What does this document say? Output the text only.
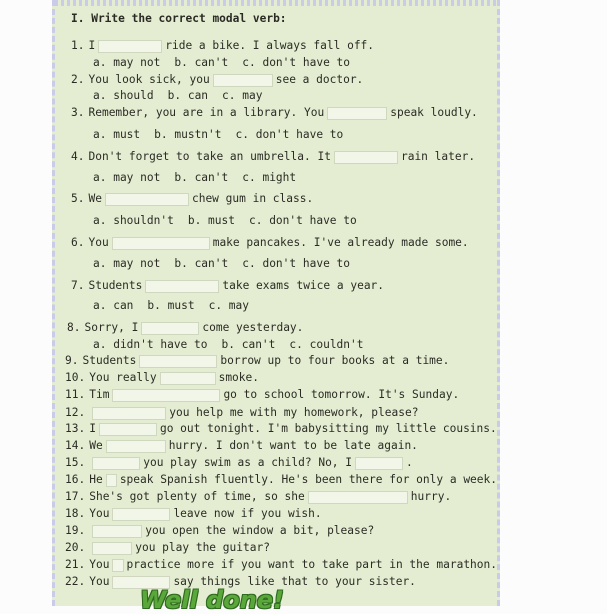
I. Write the correct modal verb:
1. I	ride a bike. I always fall off.
a. may not b. can't c. don't have to
2. You look sick, you	see a doctor.
a. should b. can c. may
3. Remember, you are in a library. You	speak loudly.
a. must b. mustn't c. don't have to
4. Don't forget to take an umbrella. It	rain later.
a. may not b. can't c. might
5. We	chew gum in class.
a. shouldn't b. must c. don't have to
6. You	make pancakes. I've already made some.
a. may not b. can't c. don't have to
7. Students	take exams twice a year.
a. can b. must c. may
8. Sorry, I	come yesterday.
a. didn't have to b. can't c. couldn't
9. Students	borrow up to four books at a time.
10. You really	smoke.
11. Tim	go to school tomorrow. It's Sunday.
12.	you help me with my homework, please?
13. I	go out tonight. I'm babysitting my little cousins.
14. We	hurry. I don't want to be late again.
15.	you play swim as a child? No, I	.
16. He speak Spanish fluently. He's been there for only a week.
17. She's got plenty of time, so she	hurry.
18. You	leave now if you wish.
19.	you open the window a bit, please?
20.	you play the guitar?
21. You practice more if you want to take part in the marathon.
22. You	say things like that to your sister.
Well done!
